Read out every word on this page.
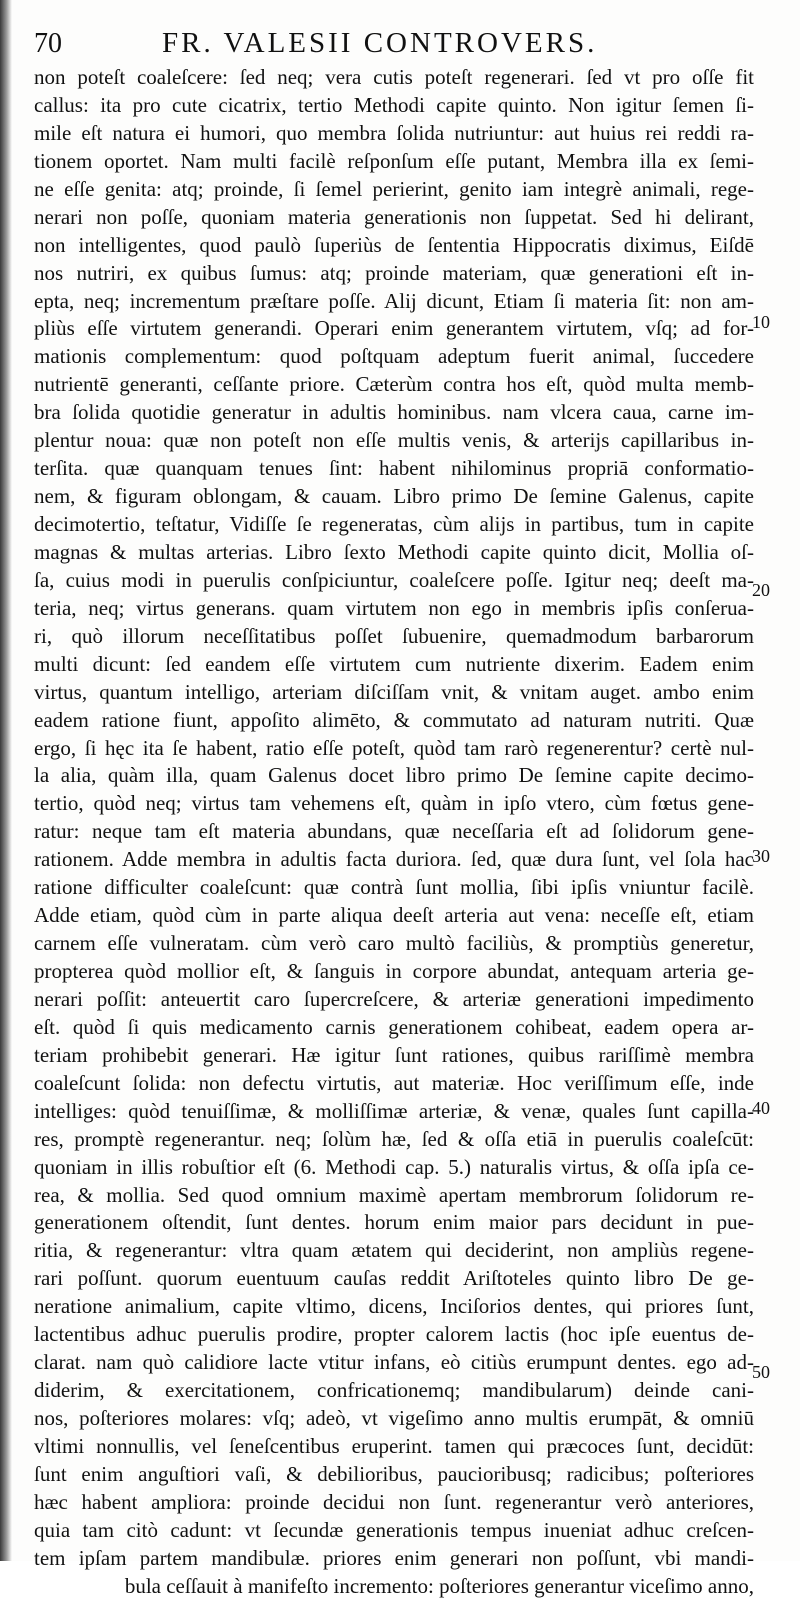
70	FR. VALESII CONTROVERS.
non poteſt coaleſcere: ſed neq; vera cutis poteſt regenerari. ſed vt pro oſſe fit
callus: ita pro cute cicatrix, tertio Methodi capite quinto. Non igitur ſemen ſi-
mile eſt natura ei humori, quo membra ſolida nutriuntur: aut huius rei reddi ra-
tionem oportet. Nam multi facilè reſponſum eſſe putant, Membra illa ex ſemi-
ne eſſe genita: atq; proinde, ſi ſemel perierint, genito iam integrè animali, rege-
nerari non poſſe, quoniam materia generationis non ſuppetat. Sed hi delirant,
non intelligentes, quod paulò ſuperiùs de ſententia Hippocratis diximus, Eiſdē
nos nutriri, ex quibus ſumus: atq; proinde materiam, quæ generationi eſt in-
epta, neq; incrementum præſtare poſſe. Alij dicunt, Etiam ſi materia ſit: non am-
pliùs eſſe virtutem generandi. Operari enim generantem virtutem, vſq; ad for-
mationis complementum: quod poſtquam adeptum fuerit animal, ſuccedere
nutrientē generanti, ceſſante priore. Cæterùm contra hos eſt, quòd multa memb-
bra ſolida quotidie generatur in adultis hominibus. nam vlcera caua, carne im-
plentur noua: quæ non poteſt non eſſe multis venis, & arterijs capillaribus in-
terſita. quæ quanquam tenues ſint: habent nihilominus propriā conformatio-
nem, & figuram oblongam, & cauam. Libro primo De ſemine Galenus, capite
decimotertio, teſtatur, Vidiſſe ſe regeneratas, cùm alijs in partibus, tum in capite
magnas & multas arterias. Libro ſexto Methodi capite quinto dicit, Mollia oſ-
ſa, cuius modi in puerulis conſpiciuntur, coaleſcere poſſe. Igitur neq; deeſt ma-
teria, neq; virtus generans. quam virtutem non ego in membris ipſis conſerua-
ri, quò illorum neceſſitatibus poſſet ſubuenire, quemadmodum barbarorum
multi dicunt: ſed eandem eſſe virtutem cum nutriente dixerim. Eadem enim
virtus, quantum intelligo, arteriam diſciſſam vnit, & vnitam auget. ambo enim
eadem ratione fiunt, appoſito alimēto, & commutato ad naturam nutriti. Quæ
ergo, ſi hęc ita ſe habent, ratio eſſe poteſt, quòd tam rarò regenerentur? certè nul-
la alia, quàm illa, quam Galenus docet libro primo De ſemine capite decimo-
tertio, quòd neq; virtus tam vehemens eſt, quàm in ipſo vtero, cùm fœtus gene-
ratur: neque tam eſt materia abundans, quæ neceſſaria eſt ad ſolidorum gene-
rationem. Adde membra in adultis facta duriora. ſed, quæ dura ſunt, vel ſola hac
ratione difficulter coaleſcunt: quæ contrà ſunt mollia, ſibi ipſis vniuntur facilè.
Adde etiam, quòd cùm in parte aliqua deeſt arteria aut vena: neceſſe eſt, etiam
carnem eſſe vulneratam. cùm verò caro multò faciliùs, & promptiùs generetur,
propterea quòd mollior eſt, & ſanguis in corpore abundat, antequam arteria ge-
nerari poſſit: anteuertit caro ſupercreſcere, & arteriæ generationi impedimento
eſt. quòd ſi quis medicamento carnis generationem cohibeat, eadem opera ar-
teriam prohibebit generari. Hæ igitur ſunt rationes, quibus rariſſimè membra
coaleſcunt ſolida: non defectu virtutis, aut materiæ. Hoc veriſſimum eſſe, inde
intelliges: quòd tenuiſſimæ, & molliſſimæ arteriæ, & venæ, quales ſunt capilla-
res, promptè regenerantur. neq; ſolùm hæ, ſed & oſſa etiā in puerulis coaleſcūt:
quoniam in illis robuſtior eſt (6. Methodi cap. 5.) naturalis virtus, & oſſa ipſa ce-
rea, & mollia. Sed quod omnium maximè apertam membrorum ſolidorum re-
generationem oſtendit, ſunt dentes. horum enim maior pars decidunt in pue-
ritia, & regenerantur: vltra quam ætatem qui deciderint, non ampliùs regene-
rari poſſunt. quorum euentuum cauſas reddit Ariſtoteles quinto libro De ge-
neratione animalium, capite vltimo, dicens, Inciſorios dentes, qui priores ſunt,
lactentibus adhuc puerulis prodire, propter calorem lactis (hoc ipſe euentus de-
clarat. nam quò calidiore lacte vtitur infans, eò citiùs erumpunt dentes. ego ad-
diderim, & exercitationem, confricationemq; mandibularum) deinde cani-
nos, poſteriores molares: vſq; adeò, vt vigeſimo anno multis erumpāt, & omniū
vltimi nonnullis, vel ſeneſcentibus eruperint. tamen qui præcoces ſunt, decidūt:
ſunt enim anguſtiori vaſi, & debilioribus, paucioribusq; radicibus; poſteriores
hæc habent ampliora: proinde decidui non ſunt. regenerantur verò anteriores,
quia tam citò cadunt: vt ſecundæ generationis tempus inueniat adhuc creſcen-
tem ipſam partem mandibulæ. priores enim generari non poſſunt, vbi mandi-
bula ceſſauit à manifeſto incremento: poſteriores generantur viceſimo anno,
10
20
30
40
50
